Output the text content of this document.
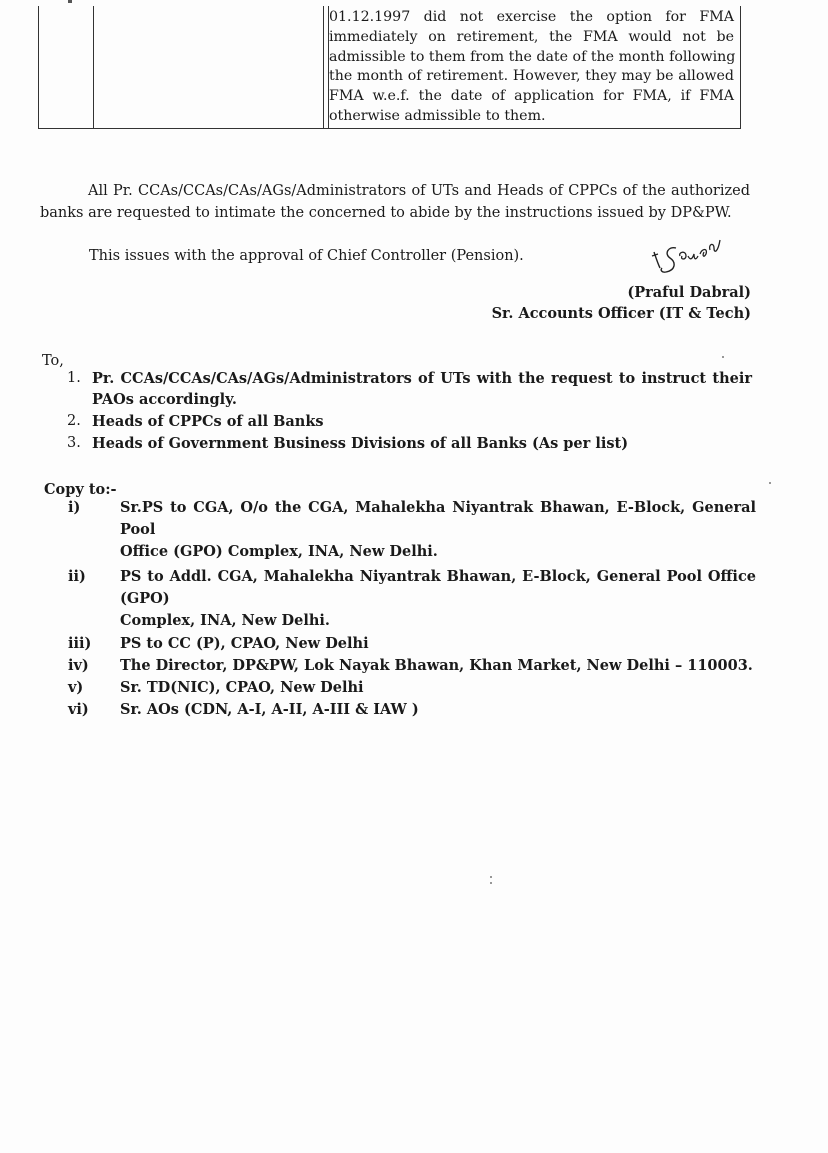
01.12.1997 did not exercise the option for FMA
immediately on retirement, the FMA would not be
admissible to them from the date of the month following
the month of retirement. However, they may be allowed
FMA w.e.f. the date of application for FMA, if FMA
otherwise admissible to them.
All Pr. CCAs/CCAs/CAs/AGs/Administrators of UTs and Heads of CPPCs of the authorized
banks are requested to intimate the concerned to abide by the instructions issued by DP&PW.
This issues with the approval of Chief Controller (Pension).
(Praful Dabral)
Sr. Accounts Officer (IT & Tech)
To,
1. Pr. CCAs/CCAs/CAs/AGs/Administrators of UTs with the request to instruct their
PAOs accordingly.
2. Heads of CPPCs of all Banks
3. Heads of Government Business Divisions of all Banks (As per list)
Copy to:-
i)	Sr.PS to CGA, O/o the CGA, Mahalekha Niyantrak Bhawan, E-Block, General Pool
Office (GPO) Complex, INA, New Delhi.
ii)	PS to Addl. CGA, Mahalekha Niyantrak Bhawan, E-Block, General Pool Office (GPO)
Complex, INA, New Delhi.
iii)	PS to CC (P), CPAO, New Delhi
iv)	The Director, DP&PW, Lok Nayak Bhawan, Khan Market, New Delhi – 110003.
v)	Sr. TD(NIC), CPAO, New Delhi
vi)	Sr. AOs (CDN, A-I, A-II, A-III & IAW )
